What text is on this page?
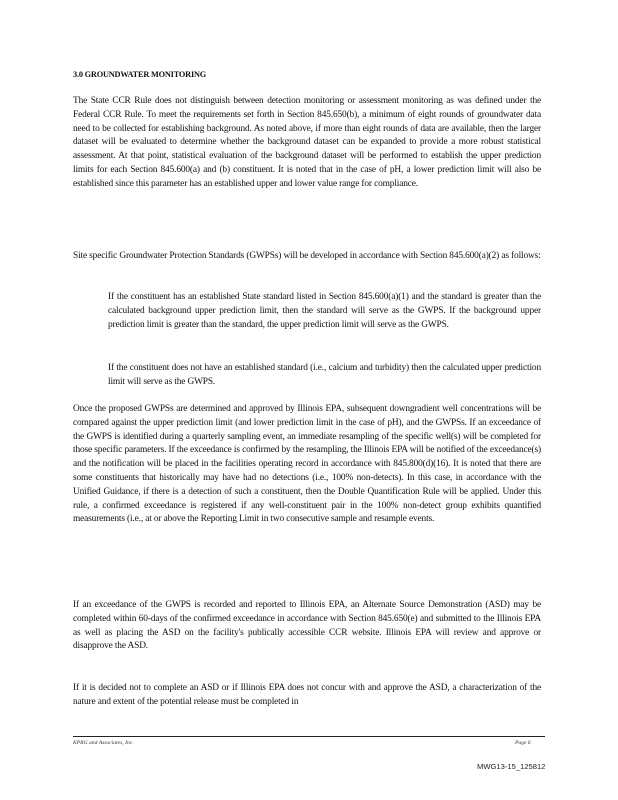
3.0 GROUNDWATER MONITORING

The State CCR Rule does not distinguish between detection monitoring or assessment monitoring as was defined under the Federal CCR Rule. To meet the requirements set forth in Section 845.650(b), a minimum of eight rounds of groundwater data need to be collected for establishing background. As noted above, if more than eight rounds of data are available, then the larger dataset will be evaluated to determine whether the background dataset can be expanded to provide a more robust statistical assessment. At that point, statistical evaluation of the background dataset will be performed to establish the upper prediction limits for each Section 845.600(a) and (b) constituent. It is noted that in the case of pH, a lower prediction limit will also be established since this parameter has an established upper and lower value range for compliance.

Site specific Groundwater Protection Standards (GWPSs) will be developed in accordance with Section 845.600(a)(2) as follows:

If the constituent has an established State standard listed in Section 845.600(a)(1) and the standard is greater than the calculated background upper prediction limit, then the standard will serve as the GWPS. If the background upper prediction limit is greater than the standard, the upper prediction limit will serve as the GWPS.
If the constituent does not have an established standard (i.e., calcium and turbidity) then the calculated upper prediction limit will serve as the GWPS.

Once the proposed GWPSs are determined and approved by Illinois EPA, subsequent downgradient well concentrations will be compared against the upper prediction limit (and lower prediction limit in the case of pH), and the GWPSs. If an exceedance of the GWPS is identified during a quarterly sampling event, an immediate resampling of the specific well(s) will be completed for those specific parameters. If the exceedance is confirmed by the resampling, the Illinois EPA will be notified of the exceedance(s) and the notification will be placed in the facilities operating record in accordance with 845.800(d)(16). It is noted that there are some constituents that historically may have had no detections (i.e., 100% non-detects). In this case, in accordance with the Unified Guidance, if there is a detection of such a constituent, then the Double Quantification Rule will be applied. Under this rule, a confirmed exceedance is registered if any well-constituent pair in the 100% non-detect group exhibits quantified measurements (i.e., at or above the Reporting Limit in two consecutive sample and resample events.

If an exceedance of the GWPS is recorded and reported to Illinois EPA, an Alternate Source Demonstration (ASD) may be completed within 60-days of the confirmed exceedance in accordance with Section 845.650(e) and submitted to the Illinois EPA as well as placing the ASD on the facility's publically accessible CCR website. Illinois EPA will review and approve or disapprove the ASD.

If it is decided not to complete an ASD or if Illinois EPA does not concur with and approve the ASD, a characterization of the nature and extent of the potential release must be completed in

KPRG and Associates, Inc.	Page 6
MWG13-15_125812
